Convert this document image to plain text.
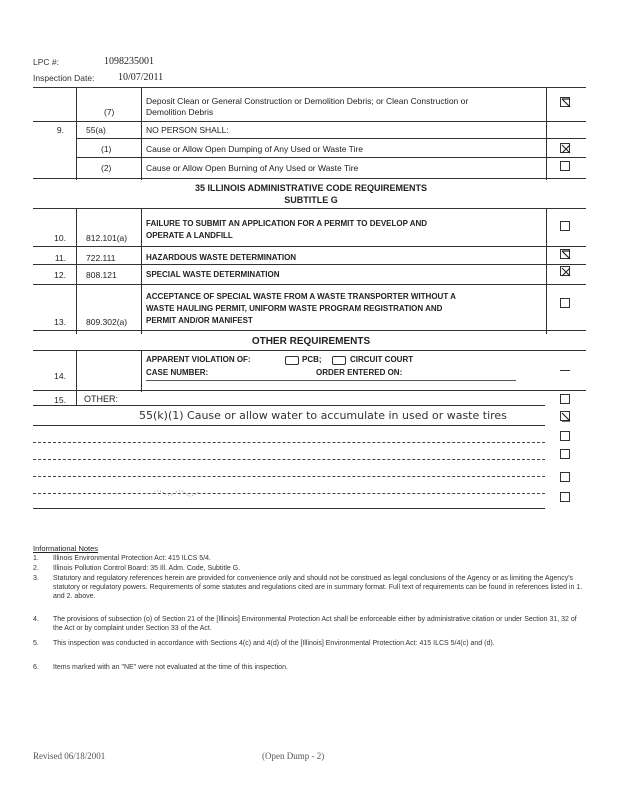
LPC #:	1098235001
Inspection Date: 10/07/2011
(7)
Deposit Clean or General Construction or Demolition Debris; or Clean Construction or
Demolition Debris
9.	55(a)	NO PERSON SHALL:
(1)	Cause or Allow Open Dumping of Any Used or Waste Tire
(2)	Cause or Allow Open Burning of Any Used or Waste Tire
35 ILLINOIS ADMINISTRATIVE CODE REQUIREMENTS
SUBTITLE G
10. 812.101(a)
FAILURE TO SUBMIT AN APPLICATION FOR A PERMIT TO DEVELOP AND
OPERATE A LANDFILL
11. 722.111	HAZARDOUS WASTE DETERMINATION
12. 808.121	SPECIAL WASTE DETERMINATION
13. 809.302(a)
ACCEPTANCE OF SPECIAL WASTE FROM A WASTE TRANSPORTER WITHOUT A
WASTE HAULING PERMIT, UNIFORM WASTE PROGRAM REGISTRATION AND
PERMIT AND/OR MANIFEST
OTHER REQUIREMENTS
14.
APPARENT VIOLATION OF:	PCB;	CIRCUIT COURT
CASE NUMBER:	ORDER ENTERED ON:
15. OTHER:
55(k)(1) Cause or allow water to accumulate in used or waste tires
Informational Notes
1.	Illinois Environmental Protection Act: 415 ILCS 5/4.
2.	Illinois Pollution Control Board: 35 Ill. Adm. Code, Subtitle G.
3.	Statutory and regulatory references herein are provided for convenience only and should not be construed as legal conclusions of the Agency or as limiting the Agency's statutory or regulatory powers. Requirements of some statutes and regulations cited are in summary format. Full text of requirements can be found in references listed in 1. and 2. above.
4.	The provisions of subsection (o) of Section 21 of the [Illinois] Environmental Protection Act shall be enforceable either by administrative citation or under Section 31, 32 of the Act or by complaint under Section 33 of the Act.
5.	This inspection was conducted in accordance with Sections 4(c) and 4(d) of the [Illinois] Environmental Protection Act: 415 ILCS 5/4(c) and (d).
6.	Items marked with an "NE" were not evaluated at the time of this inspection.
Revised 06/18/2001	(Open Dump - 2)
